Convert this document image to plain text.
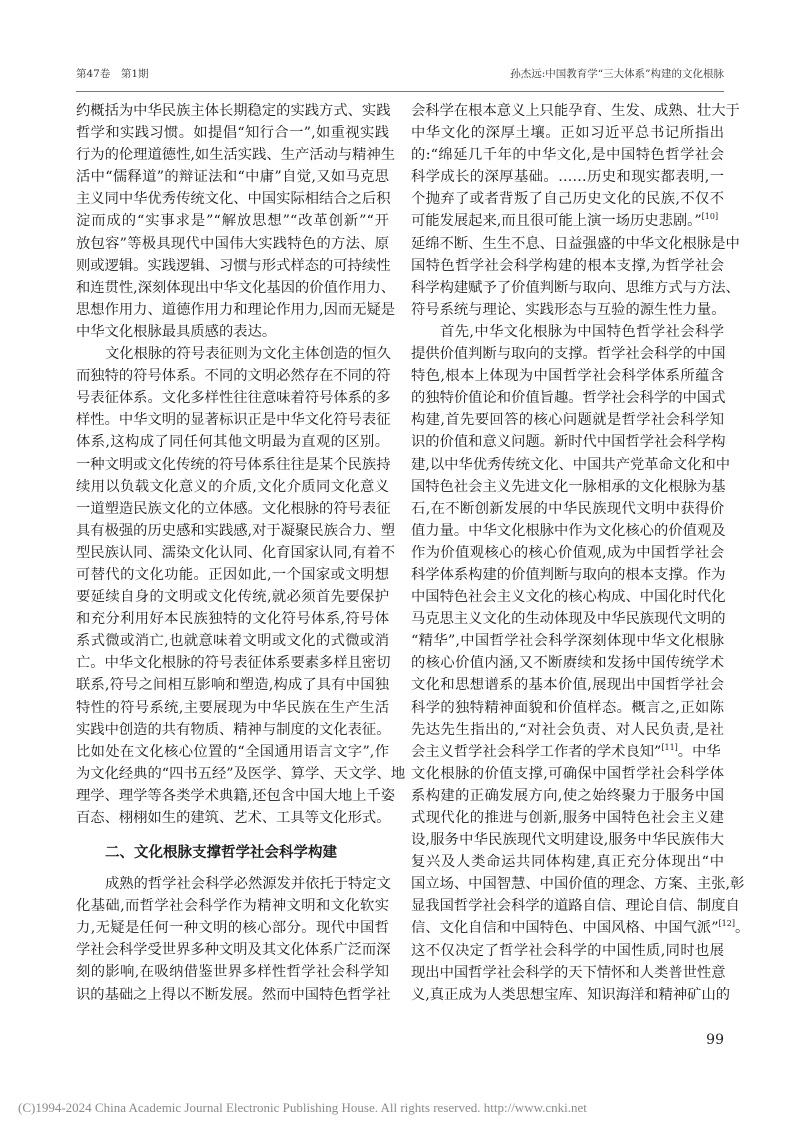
第47卷　第1期	孙杰远:中国教育学“三大体系”构建的文化根脉
约概括为中华民族主体长期稳定的实践方式、实践
哲学和实践习惯。如提倡“知行合一”,如重视实践
行为的伦理道德性,如生活实践、生产活动与精神生
活中“儒释道”的辩证法和“中庸”自觉,又如马克思
主义同中华优秀传统文化、中国实际相结合之后积
淀而成的“实事求是”“解放思想”“改革创新”“开
放包容”等极具现代中国伟大实践特色的方法、原
则或逻辑。实践逻辑、习惯与形式样态的可持续性
和连贯性,深刻体现出中华文化基因的价值作用力、
思想作用力、道德作用力和理论作用力,因而无疑是
中华文化根脉最具质感的表达。
文化根脉的符号表征则为文化主体创造的恒久
而独特的符号体系。不同的文明必然存在不同的符
号表征体系。文化多样性往往意味着符号体系的多
样性。中华文明的显著标识正是中华文化符号表征
体系,这构成了同任何其他文明最为直观的区别。
一种文明或文化传统的符号体系往往是某个民族持
续用以负载文化意义的介质,文化介质同文化意义
一道塑造民族文化的立体感。文化根脉的符号表征
具有极强的历史感和实践感,对于凝聚民族合力、塑
型民族认同、濡染文化认同、化育国家认同,有着不
可替代的文化功能。正因如此,一个国家或文明想
要延续自身的文明或文化传统,就必须首先要保护
和充分利用好本民族独特的文化符号体系,符号体
系式微或消亡,也就意味着文明或文化的式微或消
亡。中华文化根脉的符号表征体系要素多样且密切
联系,符号之间相互影响和塑造,构成了具有中国独
特性的符号系统,主要展现为中华民族在生产生活
实践中创造的共有物质、精神与制度的文化表征。
比如处在文化核心位置的“全国通用语言文字”,作
为文化经典的“四书五经”及医学、算学、天文学、地
理学、理学等各类学术典籍,还包含中国大地上千姿
百态、栩栩如生的建筑、艺术、工具等文化形式。
二、文化根脉支撑哲学社会科学构建
成熟的哲学社会科学必然源发并依托于特定文
化基础,而哲学社会科学作为精神文明和文化软实
力,无疑是任何一种文明的核心部分。现代中国哲
学社会科学受世界多种文明及其文化体系广泛而深
刻的影响,在吸纳借鉴世界多样性哲学社会科学知
识的基础之上得以不断发展。然而中国特色哲学社
会科学在根本意义上只能孕育、生发、成熟、壮大于
中华文化的深厚土壤。正如习近平总书记所指出
的:“绵延几千年的中华文化,是中国特色哲学社会
科学成长的深厚基础。……历史和现实都表明,一
个抛弃了或者背叛了自己历史文化的民族,不仅不
可能发展起来,而且很可能上演一场历史悲剧。”[10]
延绵不断、生生不息、日益强盛的中华文化根脉是中
国特色哲学社会科学构建的根本支撑,为哲学社会
科学构建赋予了价值判断与取向、思维方式与方法、
符号系统与理论、实践形态与互验的源生性力量。
首先,中华文化根脉为中国特色哲学社会科学
提供价值判断与取向的支撑。哲学社会科学的中国
特色,根本上体现为中国哲学社会科学体系所蕴含
的独特价值论和价值旨趣。哲学社会科学的中国式
构建,首先要回答的核心问题就是哲学社会科学知
识的价值和意义问题。新时代中国哲学社会科学构
建,以中华优秀传统文化、中国共产党革命文化和中
国特色社会主义先进文化一脉相承的文化根脉为基
石,在不断创新发展的中华民族现代文明中获得价
值力量。中华文化根脉中作为文化核心的价值观及
作为价值观核心的核心价值观,成为中国哲学社会
科学体系构建的价值判断与取向的根本支撑。作为
中国特色社会主义文化的核心构成、中国化时代化
马克思主义文化的生动体现及中华民族现代文明的
“精华”,中国哲学社会科学深刻体现中华文化根脉
的核心价值内涵,又不断赓续和发扬中国传统学术
文化和思想谱系的基本价值,展现出中国哲学社会
科学的独特精神面貌和价值样态。概言之,正如陈
先达先生指出的,“对社会负责、对人民负责,是社
会主义哲学社会科学工作者的学术良知”[11]。中华
文化根脉的价值支撑,可确保中国哲学社会科学体
系构建的正确发展方向,使之始终聚力于服务中国
式现代化的推进与创新,服务中国特色社会主义建
设,服务中华民族现代文明建设,服务中华民族伟大
复兴及人类命运共同体构建,真正充分体现出“中
国立场、中国智慧、中国价值的理念、方案、主张,彰
显我国哲学社会科学的道路自信、理论自信、制度自
信、文化自信和中国特色、中国风格、中国气派”[12]。
这不仅决定了哲学社会科学的中国性质,同时也展
现出中国哲学社会科学的天下情怀和人类普世性意
义,真正成为人类思想宝库、知识海洋和精神矿山的
99
(C)1994-2024 China Academic Journal Electronic Publishing House. All rights reserved. http://www.cnki.net
